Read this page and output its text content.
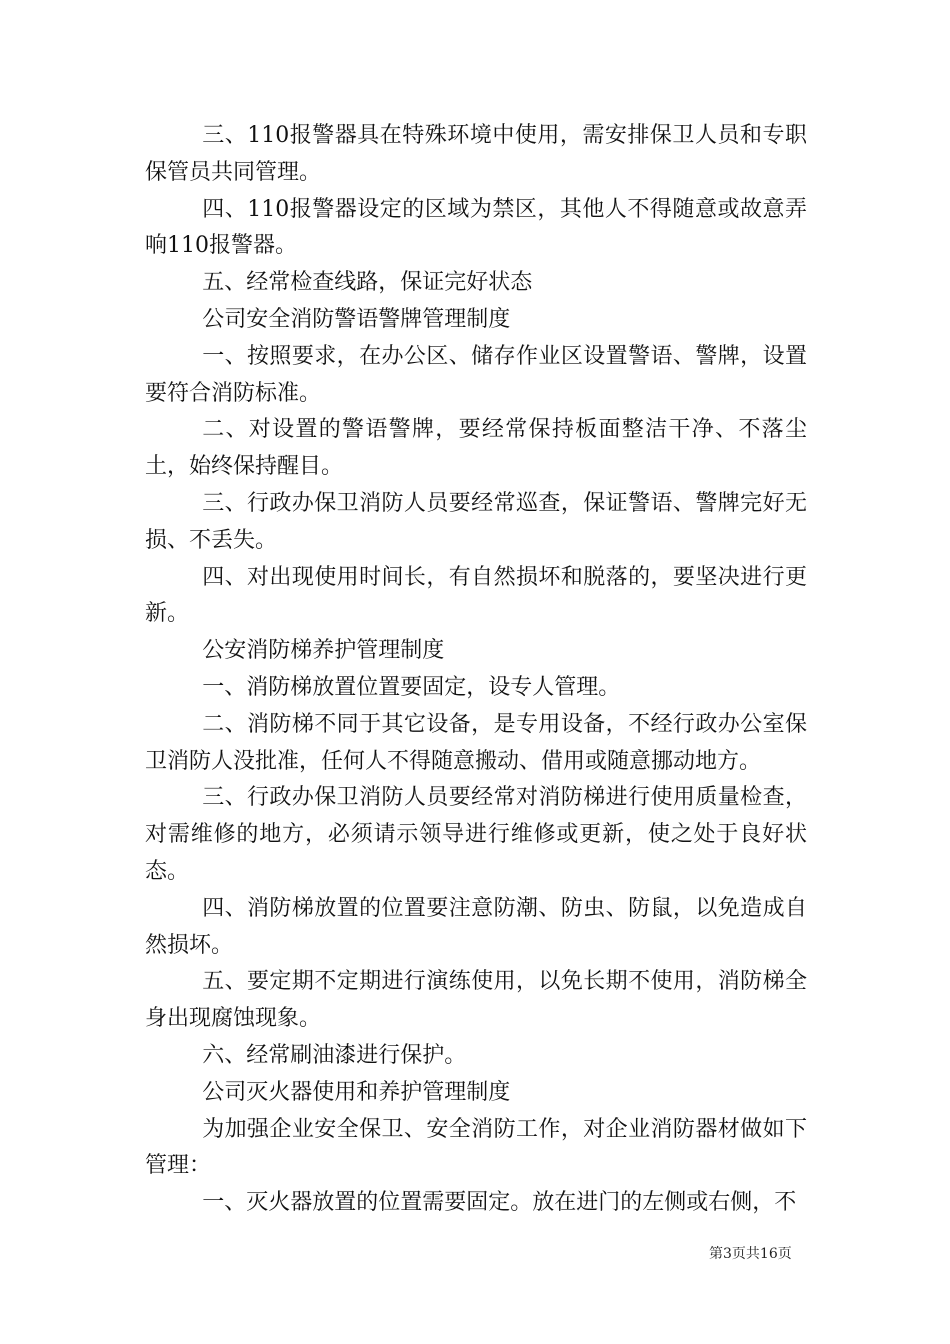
三、110报警器具在特殊环境中使用，需安排保卫人员和专职保管员共同管理。

四、110报警器设定的区域为禁区，其他人不得随意或故意弄响110报警器。

五、经常检查线路，保证完好状态

公司安全消防警语警牌管理制度

一、按照要求，在办公区、储存作业区设置警语、警牌，设置要符合消防标准。

二、对设置的警语警牌，要经常保持板面整洁干净、不落尘土，始终保持醒目。

三、行政办保卫消防人员要经常巡查，保证警语、警牌完好无损、不丢失。

四、对出现使用时间长，有自然损坏和脱落的，要坚决进行更新。

公安消防梯养护管理制度

一、消防梯放置位置要固定，设专人管理。

二、消防梯不同于其它设备，是专用设备，不经行政办公室保卫消防人没批准，任何人不得随意搬动、借用或随意挪动地方。

三、行政办保卫消防人员要经常对消防梯进行使用质量检查，对需维修的地方，必须请示领导进行维修或更新，使之处于良好状态。

四、消防梯放置的位置要注意防潮、防虫、防鼠，以免造成自然损坏。

五、要定期不定期进行演练使用，以免长期不使用，消防梯全身出现腐蚀现象。

六、经常刷油漆进行保护。

公司灭火器使用和养护管理制度

为加强企业安全保卫、安全消防工作，对企业消防器材做如下管理：

一、灭火器放置的位置需要固定。放在进门的左侧或右侧，不

第3页共16页
